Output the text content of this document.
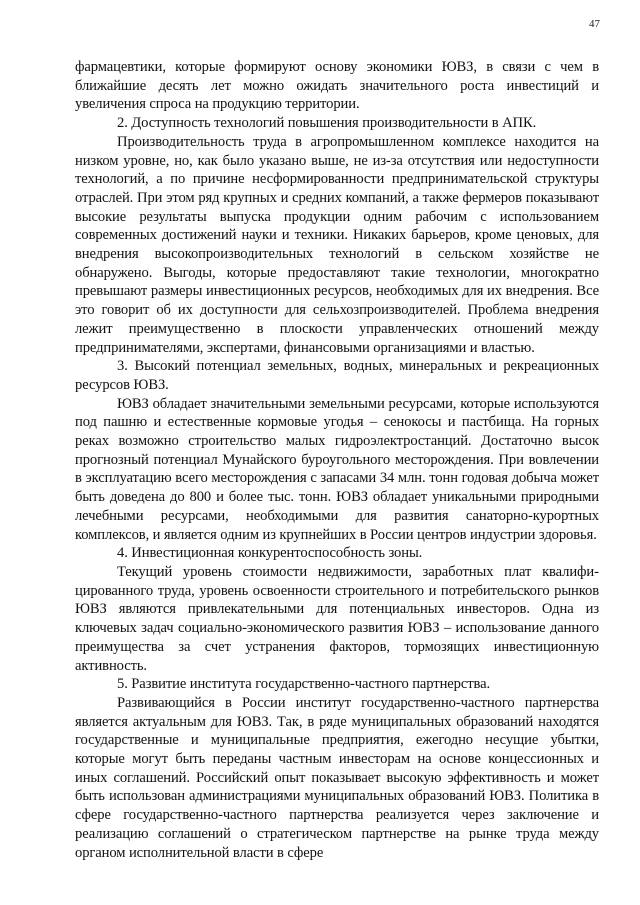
47

фармацевтики, которые формируют основу экономики ЮВЗ, в связи с чем в ближайшие десять лет можно ожидать значительного роста инвестиций и увеличения спроса на продукцию территории.

2. Доступность технологий повышения производительности в АПК.

Производительность труда в агропромышленном комплексе находится на низком уровне, но, как было указано выше, не из-за отсутствия или недоступности технологий, а по причине несформированности предпринимательской структуры отраслей. При этом ряд крупных и средних компаний, а также фермеров показывают высокие результаты выпуска продукции одним рабочим с использованием современных достижений науки и техники. Никаких барьеров, кроме ценовых, для внедрения высокопроизводительных технологий в сельском хозяйстве не обнаружено. Выгоды, которые предоставляют такие технологии, многократно превышают размеры инвестиционных ресурсов, необходимых для их внедрения. Все это говорит об их доступности для сельхозпроизводителей. Проблема внедрения лежит преимущественно в плоскости управленческих отношений между предпринимателями, экспертами, финансовыми организациями и властью.

3. Высокий потенциал земельных, водных, минеральных и рекреационных ресурсов ЮВЗ.

ЮВЗ обладает значительными земельными ресурсами, которые используются под пашню и естественные кормовые угодья – сенокосы и пастбища. На горных реках возможно строительство малых гидроэлектростанций. Достаточно высок прогнозный потенциал Мунайского буроугольного месторождения. При вовлечении в эксплуатацию всего месторождения с запасами 34 млн. тонн годовая добыча может быть доведена до 800 и более тыс. тонн. ЮВЗ обладает уникальными природными лечебными ресурсами, необходимыми для развития санаторно-курортных комплексов, и является одним из крупнейших в России центров индустрии здоровья.

4. Инвестиционная конкурентоспособность зоны.

Текущий уровень стоимости недвижимости, заработных плат квалифицированного труда, уровень освоенности строительного и потребительского рынков ЮВЗ являются привлекательными для потенциальных инвесторов. Одна из ключевых задач социально-экономического развития ЮВЗ – использование данного преимущества за счет устранения факторов, тормозящих инвестиционную активность.

5. Развитие института государственно-частного партнерства.

Развивающийся в России институт государственно-частного партнерства является актуальным для ЮВЗ. Так, в ряде муниципальных образований находятся государственные и муниципальные предприятия, ежегодно несущие убытки, которые могут быть переданы частным инвесторам на основе концессионных и иных соглашений. Российский опыт показывает высокую эффективность и может быть использован администрациями муниципальных образований ЮВЗ. Политика в сфере государственно-частного партнерства реализуется через заключение и реализацию соглашений о стратегическом партнерстве на рынке труда между органом исполнительной власти в сфере
